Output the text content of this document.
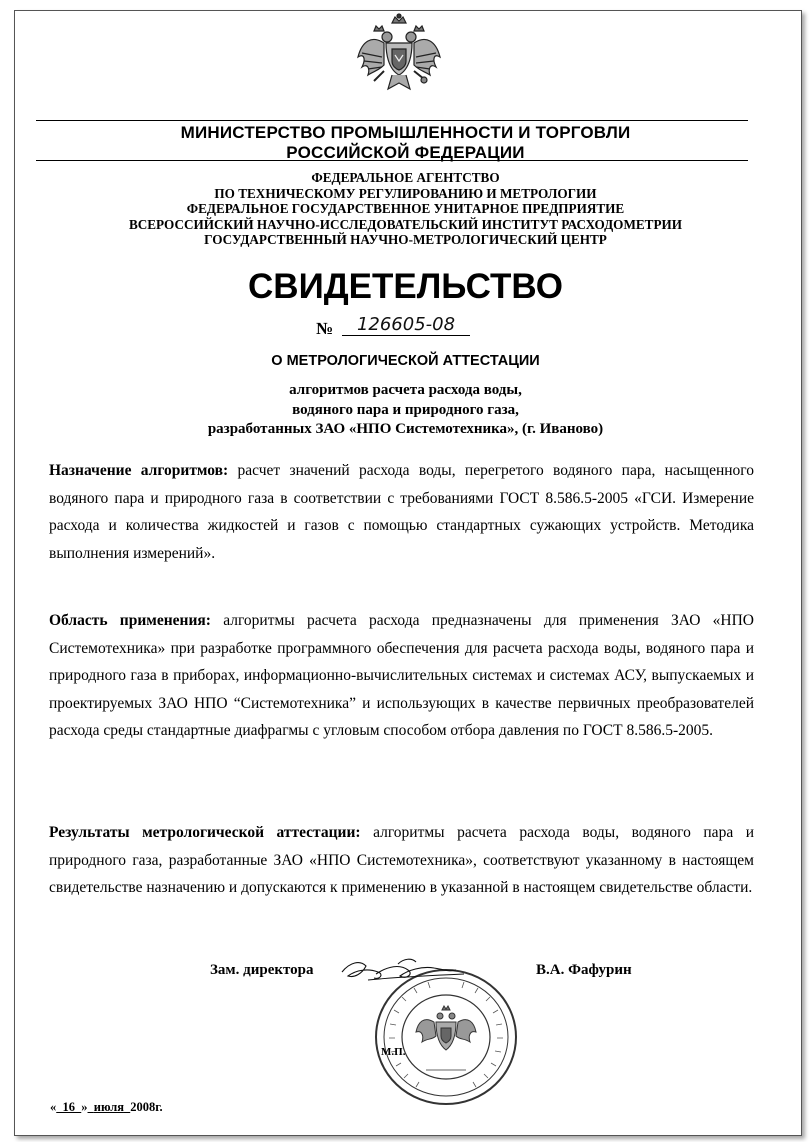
МИНИСТЕРСТВО ПРОМЫШЛЕННОСТИ И ТОРГОВЛИ
РОССИЙСКОЙ ФЕДЕРАЦИИ
ФЕДЕРАЛЬНОЕ АГЕНТСТВО
ПО ТЕХНИЧЕСКОМУ РЕГУЛИРОВАНИЮ И МЕТРОЛОГИИ
ФЕДЕРАЛЬНОЕ ГОСУДАРСТВЕННОЕ УНИТАРНОЕ ПРЕДПРИЯТИЕ
ВСЕРОССИЙСКИЙ НАУЧНО-ИССЛЕДОВАТЕЛЬСКИЙ ИНСТИТУТ РАСХОДОМЕТРИИ
ГОСУДАРСТВЕННЫЙ НАУЧНО-МЕТРОЛОГИЧЕСКИЙ ЦЕНТР
СВИДЕТЕЛЬСТВО
№	126605-08
О МЕТРОЛОГИЧЕСКОЙ АТТЕСТАЦИИ
алгоритмов расчета расхода воды,
водяного пара и природного газа,
разработанных ЗАО «НПО Системотехника», (г. Иваново)
Назначение алгоритмов: расчет значений расхода воды, перегретого водяного пара, насыщенного водяного пара и природного газа в соответствии с требованиями ГОСТ 8.586.5-2005 «ГСИ. Измерение расхода и количества жидкостей и газов с помощью стандартных сужающих устройств. Методика выполнения измерений».
Область применения: алгоритмы расчета расхода предназначены для применения ЗАО «НПО Системотехника» при разработке программного обеспечения для расчета расхода воды, водяного пара и природного газа в приборах, информационно-вычислительных системах и системах АСУ, выпускаемых и проектируемых ЗАО НПО “Системотехника” и использующих в качестве первичных преобразователей расхода среды стандартные диафрагмы с угловым способом отбора давления по ГОСТ 8.586.5-2005.
Результаты метрологической аттестации: алгоритмы расчета расхода воды, водяного пара и природного газа, разработанные ЗАО «НПО Системотехника», соответствуют указанному в настоящем свидетельстве назначению и допускаются к применению в указанной в настоящем свидетельстве области.
Зам. директора	В.А. Фафурин
М.П.
« 16 » июля 2008г.
